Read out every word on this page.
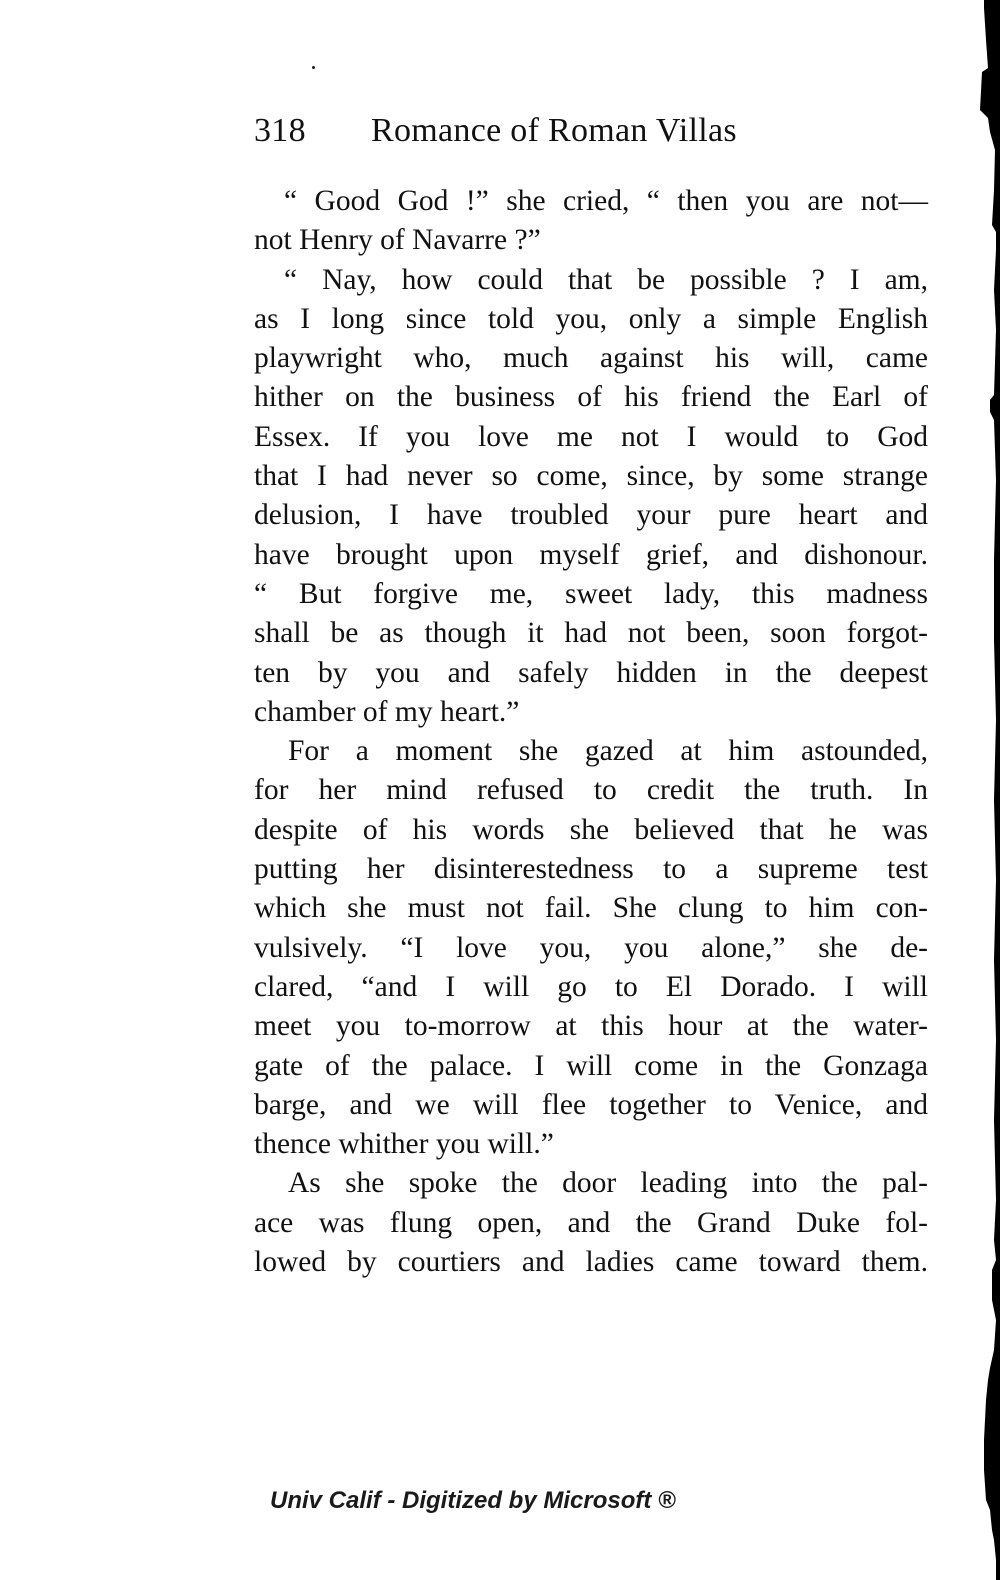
318 Romance of Roman Villas
“ Good God !” she cried, “ then you are not—
not Henry of Navarre ?”
“ Nay, how could that be possible ? I am,
as I long since told you, only a simple English
playwright who, much against his will, came
hither on the business of his friend the Earl of
Essex. If you love me not I would to God
that I had never so come, since, by some strange
delusion, I have troubled your pure heart and
have brought upon myself grief, and dishonour.
“ But forgive me, sweet lady, this madness
shall be as though it had not been, soon forgot-
ten by you and safely hidden in the deepest
chamber of my heart.”
For a moment she gazed at him astounded,
for her mind refused to credit the truth. In
despite of his words she believed that he was
putting her disinterestedness to a supreme test
which she must not fail. She clung to him con-
vulsively. “I love you, you alone,” she de-
clared, “and I will go to El Dorado. I will
meet you to-morrow at this hour at the water-
gate of the palace. I will come in the Gonzaga
barge, and we will flee together to Venice, and
thence whither you will.”
As she spoke the door leading into the pal-
ace was flung open, and the Grand Duke fol-
lowed by courtiers and ladies came toward them.
Univ Calif - Digitized by Microsoft ®
